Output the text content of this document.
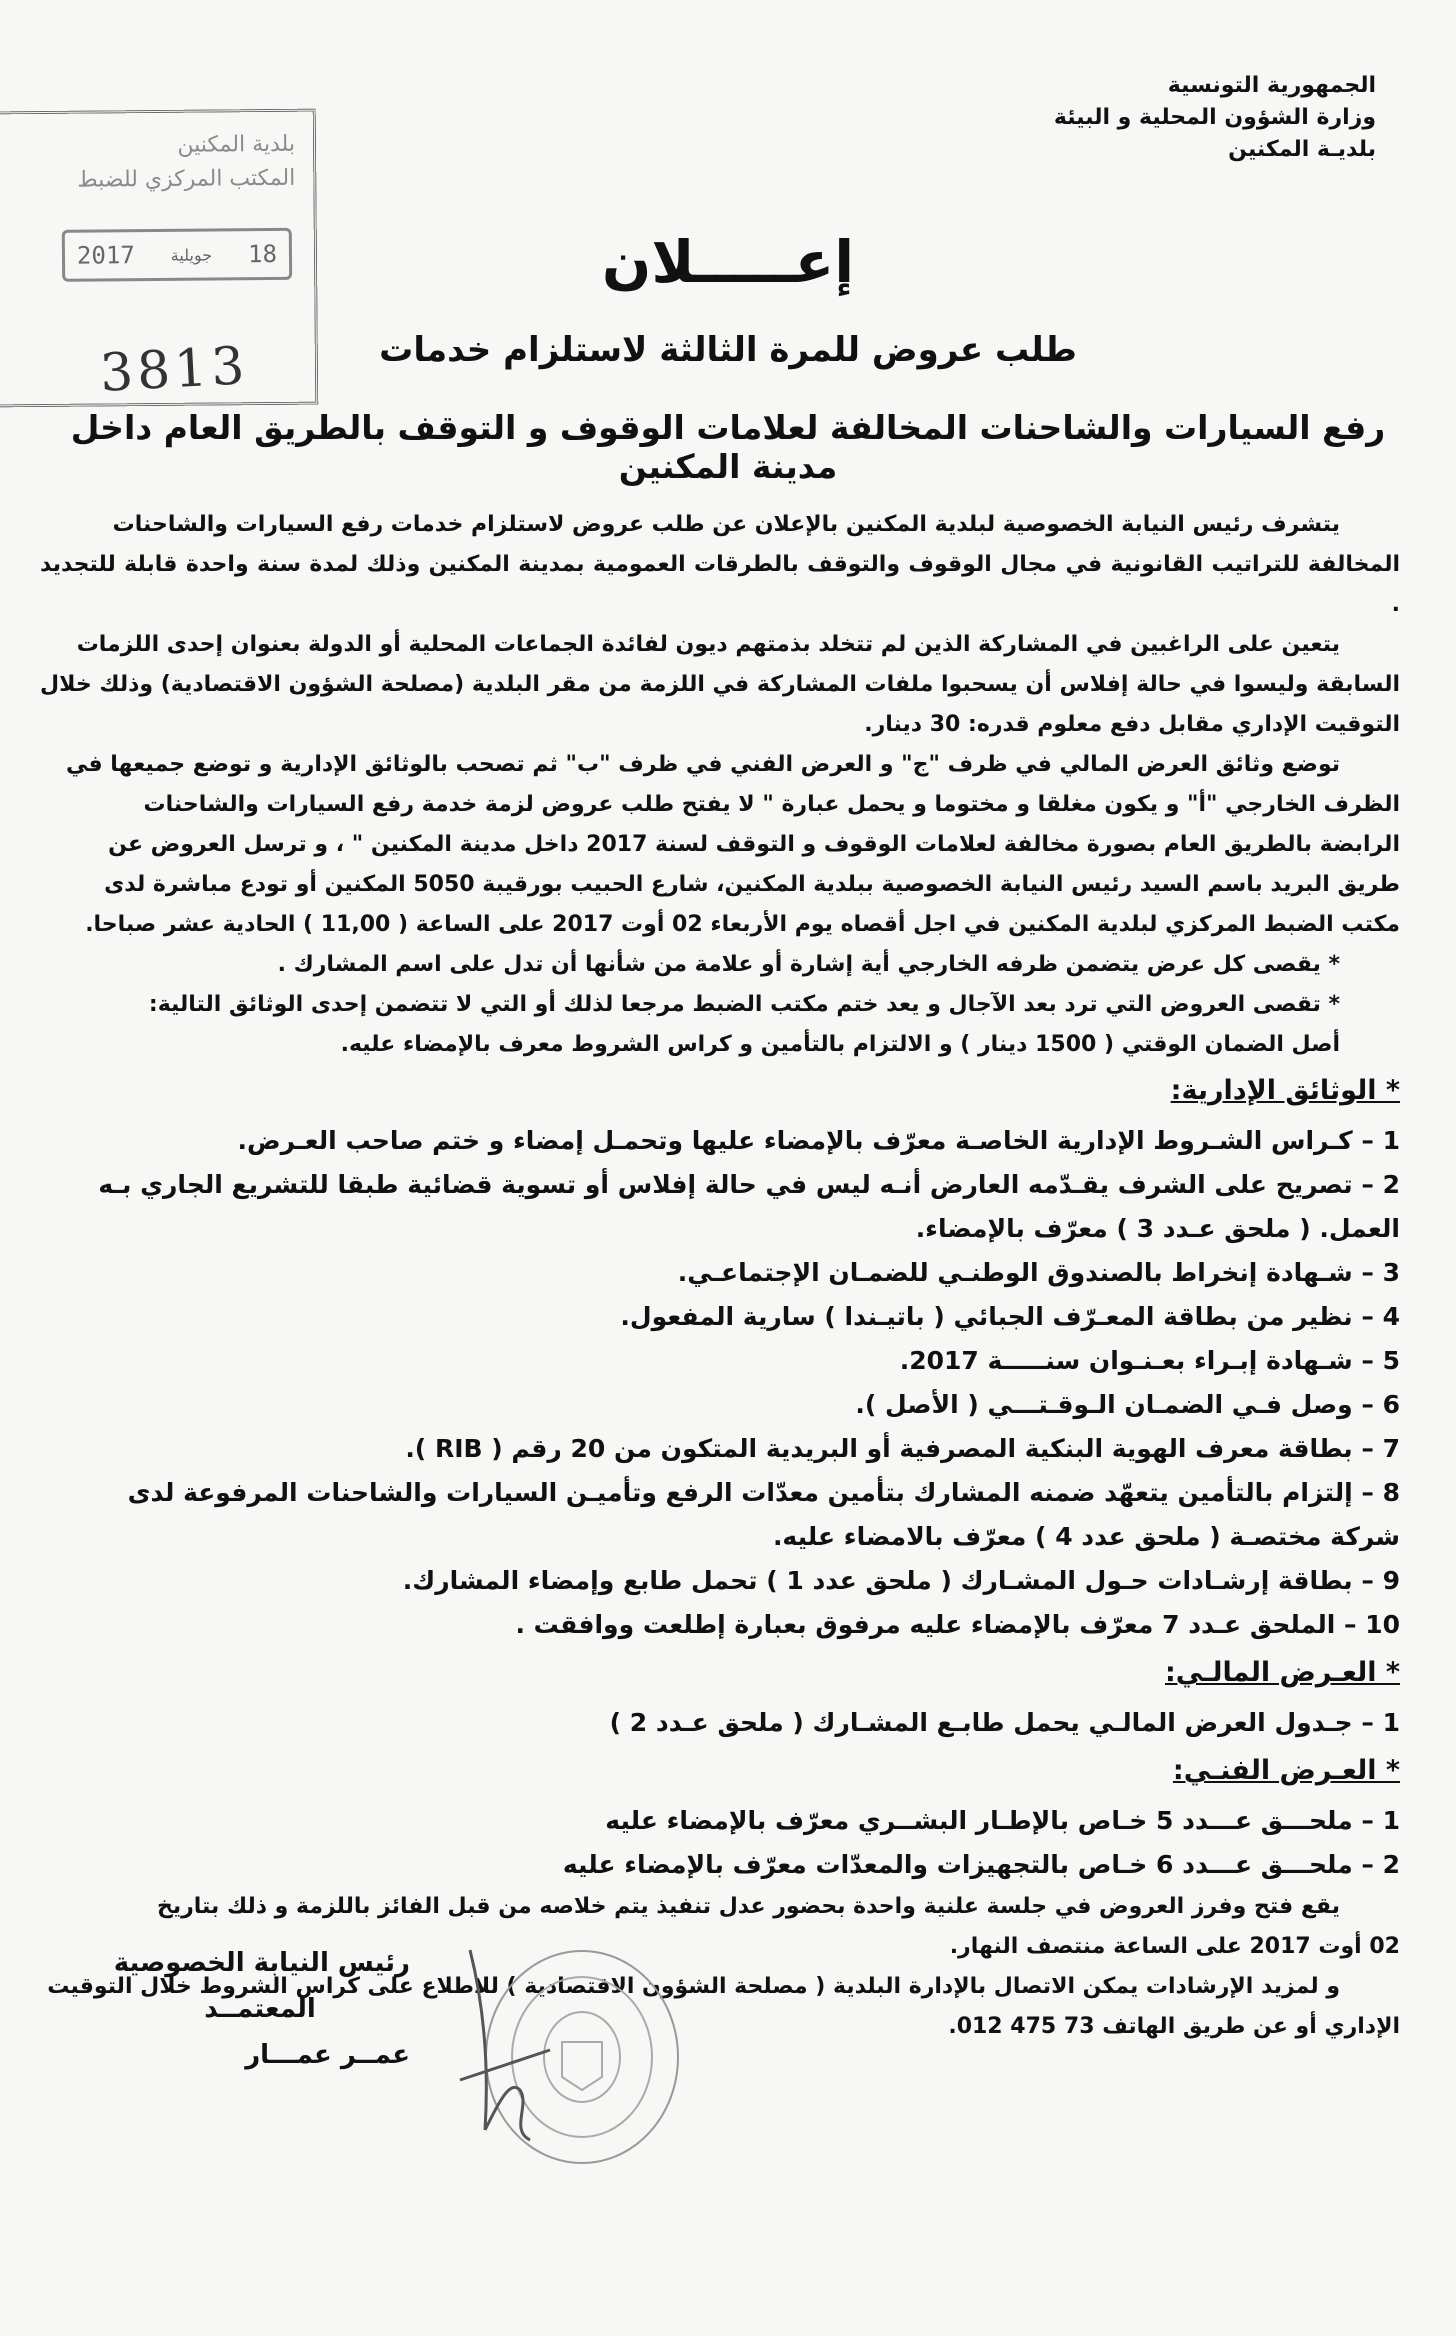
الجمهورية التونسية
وزارة الشؤون المحلية و البيئة
بلديـة المكنين
بلدية المكنين
المكتب المركزي للضبط
2017 جويلية 18
3813
إعـــــلان
طلب عروض للمرة الثالثة لاستلزام خدمات
رفع السيارات والشاحنات المخالفة لعلامات الوقوف و التوقف بالطريق العام داخل مدينة المكنين

يتشرف رئيس النيابة الخصوصية لبلدية المكنين بالإعلان عن طلب عروض لاستلزام خدمات رفع السيارات والشاحنات

المخالفة للتراتيب القانونية في مجال الوقوف والتوقف بالطرقات العمومية بمدينة المكنين وذلك لمدة سنة واحدة قابلة للتجديد .

يتعين على الراغبين في المشاركة الذين لم تتخلد بذمتهم ديون لفائدة الجماعات المحلية أو الدولة بعنوان إحدى اللزمات

السابقة وليسوا في حالة إفلاس أن يسحبوا ملفات المشاركة في اللزمة من مقر البلدية (مصلحة الشؤون الاقتصادية) وذلك خلال

التوقيت الإداري مقابل دفع معلوم قدره: 30 دينار.

توضع وثائق العرض المالي في ظرف "ج" و العرض الفني في ظرف "ب" ثم تصحب بالوثائق الإدارية و توضع جميعها في

الظرف الخارجي "أ" و يكون مغلقا و مختوما و يحمل عبارة " لا يفتح طلب عروض لزمة خدمة رفع السيارات والشاحنات

الرابضة بالطريق العام بصورة مخالفة لعلامات الوقوف و التوقف لسنة 2017 داخل مدينة المكنين " ، و ترسل العروض عن

طريق البريد باسم السيد رئيس النيابة الخصوصية ببلدية المكنين، شارع الحبيب بورقيبة 5050 المكنين أو تودع مباشرة لدى

مكتب الضبط المركزي لبلدية المكنين في اجل أقصاه يوم الأربعاء 02 أوت 2017 على الساعة ( 11,00 ) الحادية عشر صباحا.

* يقصى كل عرض يتضمن ظرفه الخارجي أية إشارة أو علامة من شأنها أن تدل على اسم المشارك .

* تقصى العروض التي ترد بعد الآجال و يعد ختم مكتب الضبط مرجعا لذلك أو التي لا تتضمن إحدى الوثائق التالية:

أصل الضمان الوقتي ( 1500 دينار ) و الالتزام بالتأمين و كراس الشروط معرف بالإمضاء عليه.

* الوثائق الإدارية:
1 – كـراس الشـروط الإدارية الخاصـة معرّف بالإمضاء عليها وتحمـل إمضاء و ختم صاحب العـرض.
2 – تصريح على الشرف يقـدّمه العارض أنـه ليس في حالة إفلاس أو تسوية قضائية طبقا للتشريع الجاري بـه
العمل. ( ملحق عـدد 3 ) معرّف بالإمضاء.
3 – شـهادة إنخراط بالصندوق الوطنـي للضمـان الإجتماعـي.
4 – نظير من بطاقة المعـرّف الجبائي ( باتيـندا ) سارية المفعول.
5 – شـهادة إبـراء بعـنـوان سنـــــة 2017.
6 – وصل فـي الضمـان الـوقـتـــي ( الأصل ).
7 – بطاقة معرف الهوية البنكية المصرفية أو البريدية المتكون من 20 رقم ( RIB ).
8 – إلتزام بالتأمين يتعهّد ضمنه المشارك بتأمين معدّات الرفع وتأميـن السيارات والشاحنات المرفوعة لدى
شركة مختصـة ( ملحق عدد 4 ) معرّف بالامضاء عليه.
9 – بطاقة إرشـادات حـول المشـارك ( ملحق عدد 1 ) تحمل طابع وإمضاء المشارك.
10 – الملحق عـدد 7 معرّف بالإمضاء عليه مرفوق بعبارة إطلعت ووافقت .
* العـرض المالـي:
1 – جـدول العرض المالـي يحمل طابـع المشـارك ( ملحق عـدد 2 )
* العـرض الفنـي:
1 – ملحـــق عـــدد 5 خـاص بالإطـار البشــري معرّف بالإمضاء عليه
2 – ملحـــق عـــدد 6 خـاص بالتجهيزات والمعدّات معرّف بالإمضاء عليه

يقع فتح وفرز العروض في جلسة علنية واحدة بحضور عدل تنفيذ يتم خلاصه من قبل الفائز باللزمة و ذلك بتاريخ

02 أوت 2017 على الساعة منتصف النهار.

و لمزيد الإرشادات يمكن الاتصال بالإدارة البلدية ( مصلحة الشؤون الاقتصادية ) للاطلاع على كراس الشروط خلال التوقيت

الإداري أو عن طريق الهاتف 73 475 012.

رئيس النيابة الخصوصية
المعتمــد
عمــر عمـــار
